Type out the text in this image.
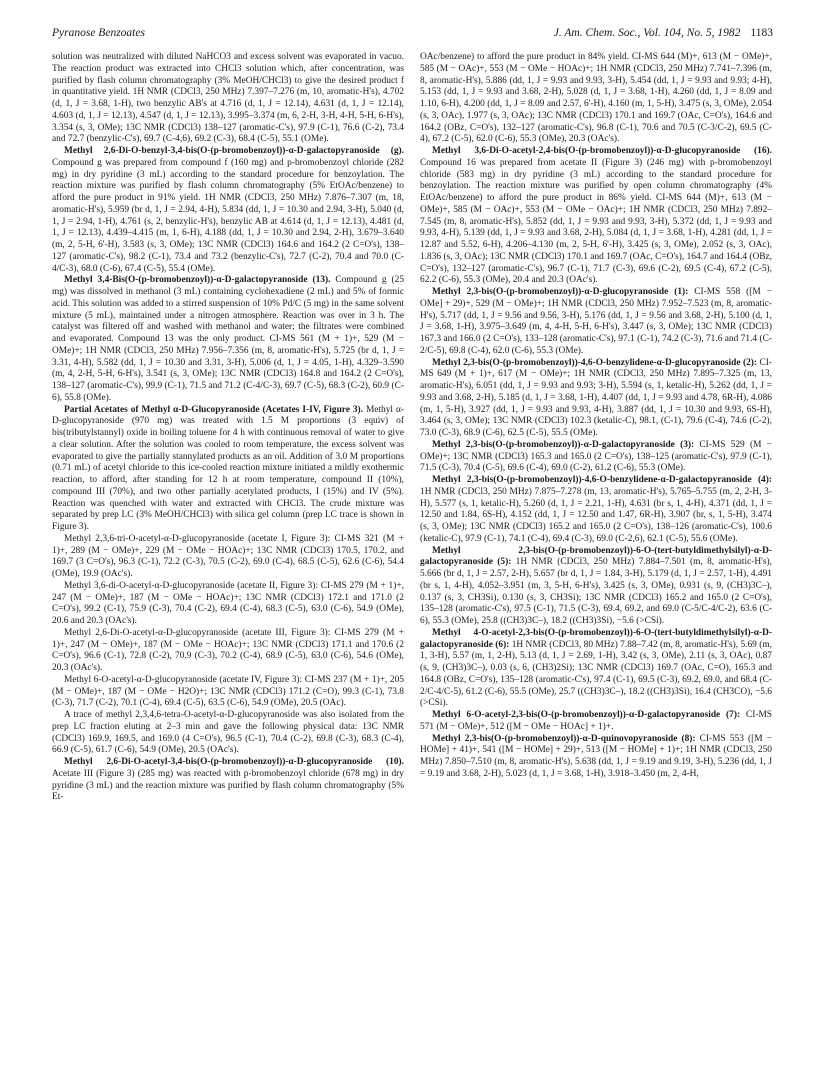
Pyranose Benzoates	J. Am. Chem. Soc., Vol. 104, No. 5, 1982 1183

solution was neutralized with diluted NaHCO3 and excess solvent was evaporated in vacuo. The reaction product was extracted into CHCl3 solution which, after concentration, was purified by flash column chromatography (3% MeOH/CHCl3) to give the desired product f in quantitative yield. 1H NMR (CDCl3, 250 MHz) 7.397–7.276 (m, 10, aromatic-H's), 4.702 (d, 1, J = 3.68, 1-H), two benzylic AB's at 4.716 (d, 1, J = 12.14), 4.631 (d, 1, J = 12.14), 4.603 (d, 1, J = 12.13), 4.547 (d, 1, J = 12.13), 3.995–3.374 (m, 6, 2-H, 3-H, 4-H, 5-H, 6-H's), 3.354 (s, 3, OMe); 13C NMR (CDCl3) 138–127 (aromatic-C's), 97.9 (C-1), 76.6 (C-2), 73.4 and 72.7 (benzylic-C's), 69.7 (C-4,6), 69.2 (C-3), 68.4 (C-5), 55.1 (OMe).

Methyl 2,6-Di-O-benzyl-3,4-bis(O-(p-bromobenzoyl))-α-D-galactopyranoside (g). Compound g was prepared from compound f (160 mg) and p-bromobenzoyl chloride (282 mg) in dry pyridine (3 mL) according to the standard procedure for benzoylation. The reaction mixture was purified by flash column chromatography (5% EtOAc/benzene) to afford the pure product in 91% yield. 1H NMR (CDCl3, 250 MHz) 7.876–7.307 (m, 18, aromatic-H's), 5.959 (br d, 1, J = 2.94, 4-H), 5.834 (dd, 1, J = 10.30 and 2.94, 3-H), 5.040 (d, 1, J = 2.94, 1-H), 4.761 (s, 2, benzylic-H's), benzylic AB at 4.614 (d, 1, J = 12.13), 4.481 (d, 1, J = 12.13), 4.439–4.415 (m, 1, 6-H), 4.188 (dd, 1, J = 10.30 and 2.94, 2-H), 3.679–3.640 (m, 2, 5-H, 6'-H), 3.583 (s, 3, OMe); 13C NMR (CDCl3) 164.6 and 164.2 (2 C=O's), 138–127 (aromatic-C's), 98.2 (C-1), 73.4 and 73.2 (benzylic-C's), 72.7 (C-2), 70.4 and 70.0 (C-4/C-3), 68.0 (C-6), 67.4 (C-5), 55.4 (OMe).

Methyl 3,4-Bis(O-(p-bromobenzoyl))-α-D-galactopyranoside (13). Compound g (25 mg) was dissolved in methanol (3 mL) containing cyclohexadiene (2 mL) and 5% of formic acid. This solution was added to a stirred suspension of 10% Pd/C (5 mg) in the same solvent mixture (5 mL), maintained under a nitrogen atmosphere. Reaction was over in 3 h. The catalyst was filtered off and washed with methanol and water; the filtrates were combined and evaporated. Compound 13 was the only product. CI-MS 561 (M + 1)+, 529 (M − OMe)+; 1H NMR (CDCl3, 250 MHz) 7.956–7.356 (m, 8, aromatic-H's), 5.725 (br d, 1, J = 3.31, 4-H), 5.582 (dd, 1, J = 10.30 and 3.31, 3-H), 5.006 (d, 1, J = 4.05, 1-H), 4.329–3.590 (m, 4, 2-H, 5-H, 6-H's), 3.541 (s, 3, OMe); 13C NMR (CDCl3) 164.8 and 164.2 (2 C=O's), 138–127 (aromatic-C's), 99.9 (C-1), 71.5 and 71.2 (C-4/C-3), 69.7 (C-5), 68.3 (C-2), 60.9 (C-6), 55.8 (OMe).

Partial Acetates of Methyl α-D-Glucopyranoside (Acetates I-IV, Figure 3). Methyl α-D-glucopyranoside (970 mg) was treated with 1.5 M proportions (3 equiv) of bis(tributylstannyl) oxide in boiling toluene for 4 h with continuous removal of water to give a clear solution. After the solution was cooled to room temperature, the excess solvent was evaporated to give the partially stannylated products as an oil. Addition of 3.0 M proportions (0.71 mL) of acetyl chloride to this ice-cooled reaction mixture initiated a mildly exothermic reaction, to afford, after standing for 12 h at room temperature, compound II (10%), compound III (70%), and two other partially acetylated products, I (15%) and IV (5%). Reaction was quenched with water and extracted with CHCl3. The crude mixture was separated by prep LC (3% MeOH/CHCl3) with silica gel column (prep LC trace is shown in Figure 3).

Methyl 2,3,6-tri-O-acetyl-α-D-glucopyranoside (acetate I, Figure 3): CI-MS 321 (M + 1)+, 289 (M − OMe)+, 229 (M − OMe − HOAc)+; 13C NMR (CDCl3) 170.5, 170.2, and 169.7 (3 C=O's), 96.3 (C-1), 72.2 (C-3), 70.5 (C-2), 69.0 (C-4), 68.5 (C-5), 62.6 (C-6), 54.4 (OMe), 19.9 (OAc's).

Methyl 3,6-di-O-acetyl-α-D-glucopyranoside (acetate II, Figure 3): CI-MS 279 (M + 1)+, 247 (M − OMe)+, 187 (M − OMe − HOAc)+; 13C NMR (CDCl3) 172.1 and 171.0 (2 C=O's), 99.2 (C-1), 75.9 (C-3), 70.4 (C-2), 69.4 (C-4), 68.3 (C-5), 63.0 (C-6), 54.9 (OMe), 20.6 and 20.3 (OAc's).

Methyl 2,6-Di-O-acetyl-α-D-glucopyranoside (acetate III, Figure 3): CI-MS 279 (M + 1)+, 247 (M − OMe)+, 187 (M − OMe − HOAc)+; 13C NMR (CDCl3) 171.1 and 170.6 (2 C=O's), 96.6 (C-1), 72.8 (C-2), 70.9 (C-3), 70.2 (C-4), 68.9 (C-5), 63.0 (C-6), 54.6 (OMe), 20.3 (OAc's).

Methyl 6-O-acetyl-α-D-glucopyranoside (acetate IV, Figure 3): CI-MS 237 (M + 1)+, 205 (M − OMe)+, 187 (M − OMe − H2O)+; 13C NMR (CDCl3) 171.2 (C=O), 99.3 (C-1), 73.8 (C-3), 71.7 (C-2), 70.1 (C-4), 69.4 (C-5), 63.5 (C-6), 54.9 (OMe), 20.5 (OAc).

A trace of methyl 2,3,4,6-tetra-O-acetyl-α-D-glucopyranoside was also isolated from the prep LC fraction eluting at 2–3 min and gave the following physical data: 13C NMR (CDCl3) 169.9, 169.5, and 169.0 (4 C=O's), 96.5 (C-1), 70.4 (C-2), 69.8 (C-3), 68.3 (C-4), 66.9 (C-5), 61.7 (C-6), 54.9 (OMe), 20.5 (OAc's).

Methyl 2,6-Di-O-acetyl-3,4-bis(O-(p-bromobenzoyl))-α-D-glucopyranoside (10). Acetate III (Figure 3) (285 mg) was reacted with p-bromobenzoyl chloride (678 mg) in dry pyridine (3 mL) and the reaction mixture was purified by flash column chromatography (5% Et-

OAc/benzene) to afford the pure product in 84% yield. CI-MS 644 (M)+, 613 (M − OMe)+, 585 (M − OAc)+, 553 (M − OMe − HOAc)+; 1H NMR (CDCl3, 250 MHz) 7.741–7.396 (m, 8, aromatic-H's), 5.886 (dd, 1, J = 9.93 and 9.93, 3-H), 5.454 (dd, 1, J = 9.93 and 9.93; 4-H), 5.153 (dd, 1, J = 9.93 and 3.68, 2-H), 5.028 (d, 1, J = 3.68, 1-H), 4.260 (dd, 1, J = 8.09 and 1.10, 6-H), 4.200 (dd, 1, J = 8.09 and 2.57, 6'-H), 4.160 (m, 1, 5-H), 3.475 (s, 3, OMe), 2.054 (s, 3, OAc), 1.977 (s, 3, OAc); 13C NMR (CDCl3) 170.1 and 169.7 (OAc, C=O's), 164.6 and 164.2 (OBz, C=O's), 132–127 (aromatic-C's), 96.8 (C-1), 70.6 and 70.5 (C-3/C-2), 69.5 (C-4), 67.2 (C-5), 62.0 (C-6), 55.3 (OMe), 20.3 (OAc's).

Methyl 3,6-Di-O-acetyl-2,4-bis(O-(p-bromobenzoyl))-α-D-glucopyranoside (16). Compound 16 was prepared from acetate II (Figure 3) (246 mg) with p-bromobenzoyl chloride (583 mg) in dry pyridine (3 mL) according to the standard procedure for benzoylation. The reaction mixture was purified by open column chromatography (4% EtOAc/benzene) to afford the pure product in 86% yield. CI-MS 644 (M)+, 613 (M − OMe)+, 585 (M − OAc)+, 553 (M − OMe − OAc)+; 1H NMR (CDCl3, 250 MHz) 7.892–7.545 (m, 8, aromatic-H's), 5.852 (dd, 1, J = 9.93 and 9.93, 3-H), 5.372 (dd, 1, J = 9.93 and 9.93, 4-H), 5.139 (dd, 1, J = 9.93 and 3.68, 2-H), 5.084 (d, 1, J = 3.68, 1-H), 4.281 (dd, 1, J = 12.87 and 5.52, 6-H), 4.206–4.130 (m, 2, 5-H, 6'-H), 3.425 (s, 3, OMe), 2.052 (s, 3, OAc), 1.836 (s, 3, OAc); 13C NMR (CDCl3) 170.1 and 169.7 (OAc, C=O's), 164.7 and 164.4 (OBz, C=O's), 132–127 (aromatic-C's), 96.7 (C-1), 71.7 (C-3), 69.6 (C-2), 69.5 (C-4), 67.2 (C-5), 62.2 (C-6), 55.3 (OMe), 20.4 and 20.3 (OAc's).

Methyl 2,3-bis(O-(p-bromobenzoyl))-α-D-glucopyranoside (1): CI-MS 558 ([M − OMe] + 29)+, 529 (M − OMe)+; 1H NMR (CDCl3, 250 MHz) 7.952–7.523 (m, 8, aromatic-H's), 5.717 (dd, 1, J = 9.56 and 9.56, 3-H), 5.176 (dd, 1, J = 9.56 and 3.68, 2-H), 5.100 (d, 1, J = 3.68, 1-H), 3.975–3.649 (m, 4, 4-H, 5-H, 6-H's), 3.447 (s, 3, OMe); 13C NMR (CDCl3) 167.3 and 166.0 (2 C=O's), 133–128 (aromatic-C's), 97.1 (C-1), 74.2 (C-3), 71.6 and 71.4 (C-2/C-5), 69.8 (C-4), 62.0 (C-6), 55.3 (OMe).

Methyl 2,3-bis(O-(p-bromobenzoyl))-4,6-O-benzylidene-α-D-glucopyranoside (2): CI-MS 649 (M + 1)+, 617 (M − OMe)+; 1H NMR (CDCl3, 250 MHz) 7.895–7.325 (m, 13, aromatic-H's), 6.051 (dd, 1, J = 9.93 and 9.93; 3-H), 5.594 (s, 1, ketalic-H), 5.262 (dd, 1, J = 9.93 and 3.68, 2-H), 5.185 (d, 1, J = 3.68, 1-H), 4.407 (dd, 1, J = 9.93 and 4.78, 6R-H), 4.086 (m, 1, 5-H), 3.927 (dd, 1, J = 9.93 and 9.93, 4-H), 3.887 (dd, 1, J = 10.30 and 9.93, 6S-H), 3.464 (s, 3, OMe); 13C NMR (CDCl3) 102.3 (ketalic-C), 98.1, (C-1), 79.6 (C-4), 74.6 (C-2), 73.0 (C-3), 68.9 (C-6), 62.5 (C-5), 55.5 (OMe).

Methyl 2,3-bis(O-(p-bromobenzoyl))-α-D-galactopyranoside (3): CI-MS 529 (M − OMe)+; 13C NMR (CDCl3) 165.3 and 165.0 (2 C=O's), 138–125 (aromatic-C's), 97.9 (C-1), 71.5 (C-3), 70.4 (C-5), 69.6 (C-4), 69.0 (C-2), 61.2 (C-6), 55.3 (OMe).

Methyl 2,3-bis(O-(p-bromobenzoyl))-4,6-O-benzylidene-α-D-galactopyranoside (4): 1H NMR (CDCl3, 250 MHz) 7.875–7.278 (m, 13, aromatic-H's), 5.765–5.755 (m, 2, 2-H, 3-H), 5.577 (s, 1, ketalic-H), 5.260 (d, 1, J = 2.21, 1-H), 4.631 (br s, 1, 4-H), 4.371 (dd, 1, J = 12.50 and 1.84, 6S-H), 4.152 (dd, 1, J = 12.50 and 1.47, 6R-H), 3.907 (br, s, 1, 5-H), 3.474 (s, 3, OMe); 13C NMR (CDCl3) 165.2 and 165.0 (2 C=O's), 138–126 (aromatic-C's), 100.6 (ketalic-C), 97.9 (C-1), 74.1 (C-4), 69.4 (C-3), 69.0 (C-2,6), 62.1 (C-5), 55.6 (OMe).

Methyl 2,3-bis(O-(p-bromobenzoyl))-6-O-(tert-butyldimethylsilyl)-α-D-galactopyranoside (5): 1H NMR (CDCl3, 250 MHz) 7.884–7.501 (m, 8, aromatic-H's), 5.666 (br d, 1, J = 2.57, 2-H), 5.657 (br d, 1, J = 1.84, 3-H), 5.179 (d, 1, J = 2.57, 1-H), 4.491 (br s, 1, 4-H), 4.052–3.951 (m, 3, 5-H, 6-H's), 3.425 (s, 3, OMe), 0.931 (s, 9, (CH3)3C–), 0.137 (s, 3, CH3Si), 0.130 (s, 3, CH3Si); 13C NMR (CDCl3) 165.2 and 165.0 (2 C=O's), 135–128 (aromatic-C's), 97.5 (C-1), 71.5 (C-3), 69.4, 69.2, and 69.0 (C-5/C-4/C-2), 63.6 (C-6), 55.3 (OMe), 25.8 ((CH3)3C–), 18.2 ((CH3)3Si), −5.6 (>CSi).

Methyl 4-O-acetyl-2,3-bis(O-(p-bromobenzoyl))-6-O-(tert-butyldimethylsilyl)-α-D-galactopyranoside (6): 1H NMR (CDCl3, 80 MHz) 7.88–7.42 (m, 8, aromatic-H's), 5.69 (m, 1, 3-H), 5.57 (m, 1, 2-H), 5.13 (d, 1, J = 2.69, 1-H), 3.42 (s, 3, OMe), 2.11 (s, 3, OAc), 0.87 (s, 9, (CH3)3C–), 0.03 (s, 6, (CH3)2Si); 13C NMR (CDCl3) 169.7 (OAc, C=O), 165.3 and 164.8 (OBz, C=O's), 135–128 (aromatic-C's), 97.4 (C-1), 69.5 (C-3), 69.2, 69.0, and 68.4 (C-2/C-4/C-5), 61.2 (C-6), 55.5 (OMe), 25.7 ((CH3)3C–), 18.2 ((CH3)3Si), 16.4 (CH3CO), −5.6 (>CSi).

Methyl 6-O-acetyl-2,3-bis(O-(p-bromobenzoyl))-α-D-galactopyranoside (7): CI-MS 571 (M − OMe)+, 512 ([M − OMe − HOAc] + 1)+.

Methyl 2,3-bis(O-(p-bromobenzoyl))-α-D-quinovopyranoside (8): CI-MS 553 ([M − HOMe] + 41)+, 541 ([M − HOMe] + 29)+, 513 ([M − HOMe] + 1)+; 1H NMR (CDCl3, 250 MHz) 7.850–7.510 (m, 8, aromatic-H's), 5.638 (dd, 1, J = 9.19 and 9.19, 3-H), 5.236 (dd, 1, J = 9.19 and 3.68, 2-H), 5.023 (d, 1, J = 3.68, 1-H), 3.918–3.450 (m, 2, 4-H,
